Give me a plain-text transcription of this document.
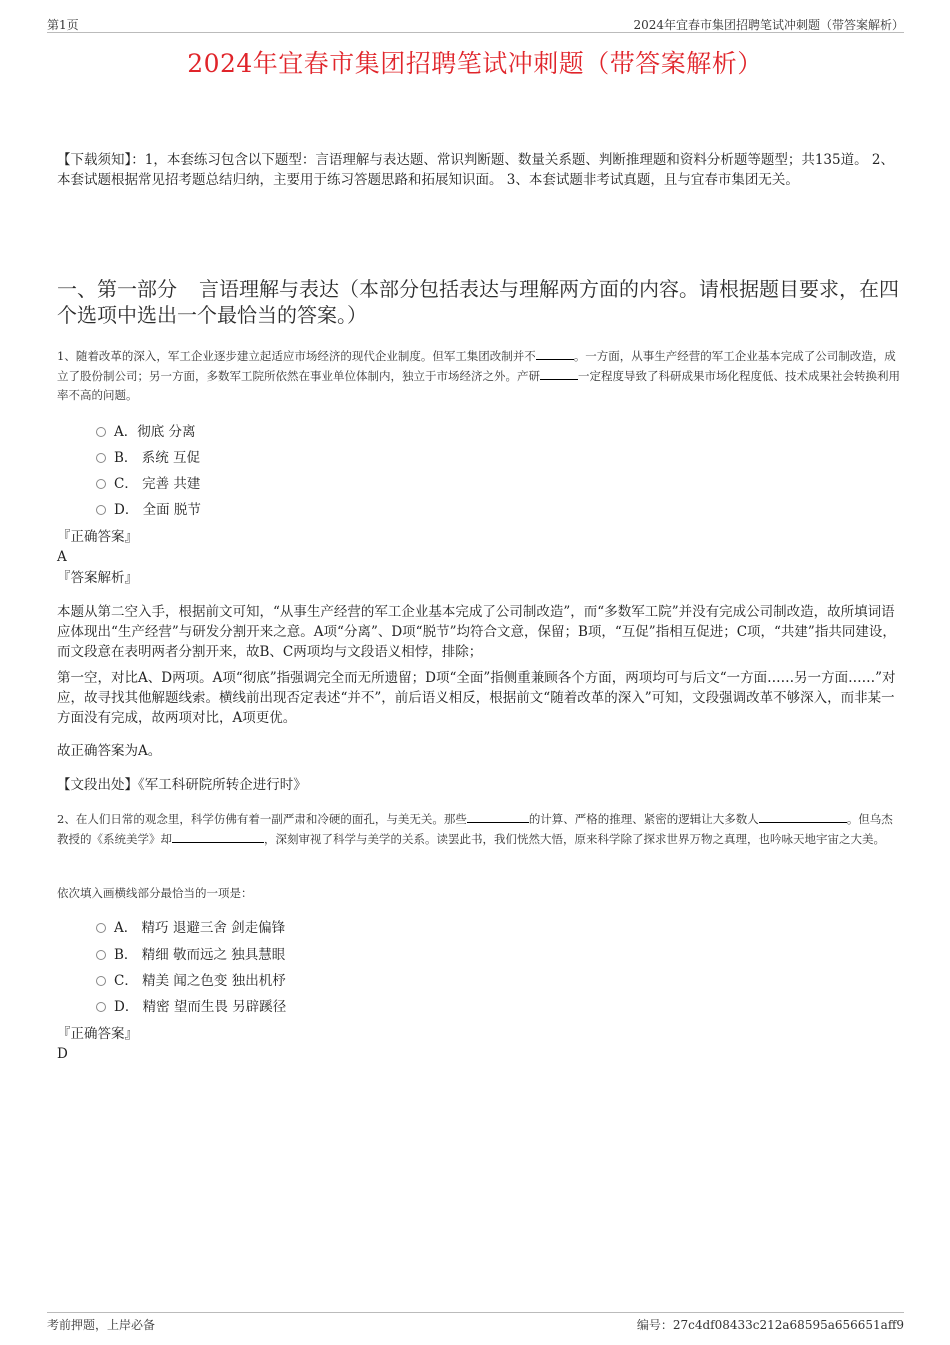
第1页	2024年宜春市集团招聘笔试冲刺题（带答案解析）
2024年宜春市集团招聘笔试冲刺题（带答案解析）
【下载须知】：1，本套练习包含以下题型：言语理解与表达题、常识判断题、数量关系题、判断推理题和资料分析题等题型；共135道。 2、本套试题根据常见招考题总结归纳，主要用于练习答题思路和拓展知识面。 3、本套试题非考试真题，且与宜春市集团无关。
一、第一部分 言语理解与表达（本部分包括表达与理解两方面的内容。请根据题目要求，在四个选项中选出一个最恰当的答案。）
1、随着改革的深入，军工企业逐步建立起适应市场经济的现代企业制度。但军工集团改制并不	。一方面，从事生产经营的军工企业基本完成了公司制改造，成立了股份制公司；另一方面，多数军工院所依然在事业单位体制内，独立于市场经济之外。产研	一定程度导致了科研成果市场化程度低、技术成果社会转换利用率不高的问题。
A．彻底 分离
B． 系统 互促
C． 完善 共建
D． 全面 脱节
『正确答案』
A
『答案解析』
本题从第二空入手，根据前文可知，“从事生产经营的军工企业基本完成了公司制改造”，而“多数军工院”并没有完成公司制改造，故所填词语应体现出“生产经营”与研发分割开来之意。A项“分离”、D项“脱节”均符合文意，保留；B项，“互促”指相互促进；C项，“共建”指共同建设，而文段意在表明两者分割开来，故B、C两项均与文段语义相悖，排除；
第一空，对比A、D两项。A项“彻底”指强调完全而无所遗留；D项“全面”指侧重兼顾各个方面，两项均可与后文“一方面……另一方面……”对应，故寻找其他解题线索。横线前出现否定表述“并不”，前后语义相反，根据前文“随着改革的深入”可知，文段强调改革不够深入，而非某一方面没有完成，故两项对比，A项更优。
故正确答案为A。
【文段出处】《军工科研院所转企进行时》
2、在人们日常的观念里，科学仿佛有着一副严肃和冷硬的面孔，与美无关。那些	的计算、严格的推理、紧密的逻辑让大多数人	。但乌杰教授的《系统美学》却	，深刻审视了科学与美学的关系。读罢此书，我们恍然大悟，原来科学除了探求世界万物之真理，也吟咏天地宇宙之大美。
依次填入画横线部分最恰当的一项是：
A． 精巧 退避三舍 剑走偏锋
B． 精细 敬而远之 独具慧眼
C． 精美 闻之色变 独出机杼
D． 精密 望而生畏 另辟蹊径
『正确答案』
D
考前押题，上岸必备	编号：27c4df08433c212a68595a656651aff9
